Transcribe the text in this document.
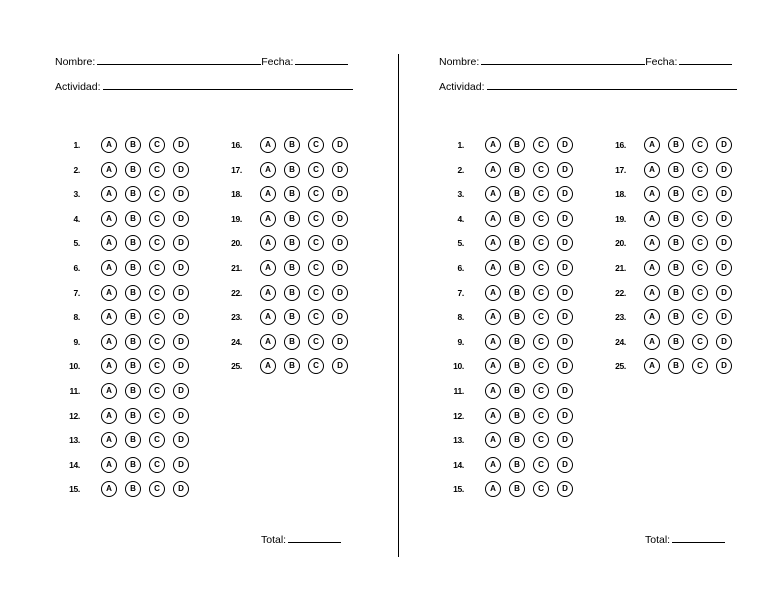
Nombre:	Fecha:
Actividad:
1.	A	B	C	D
2.	A	B	C	D
3.	A	B	C	D
4.	A	B	C	D
5.	A	B	C	D
6.	A	B	C	D
7.	A	B	C	D
8.	A	B	C	D
9.	A	B	C	D
10.	A	B	C	D
11.	A	B	C	D
12.	A	B	C	D
13.	A	B	C	D
14.	A	B	C	D
15.	A	B	C	D
16.	A	B	C	D
17.	A	B	C	D
18.	A	B	C	D
19.	A	B	C	D
20.	A	B	C	D
21.	A	B	C	D
22.	A	B	C	D
23.	A	B	C	D
24.	A	B	C	D
25.	A	B	C	D
Total:
Nombre:	Fecha:
Actividad:
1.	A	B	C	D
2.	A	B	C	D
3.	A	B	C	D
4.	A	B	C	D
5.	A	B	C	D
6.	A	B	C	D
7.	A	B	C	D
8.	A	B	C	D
9.	A	B	C	D
10.	A	B	C	D
11.	A	B	C	D
12.	A	B	C	D
13.	A	B	C	D
14.	A	B	C	D
15.	A	B	C	D
16.	A	B	C	D
17.	A	B	C	D
18.	A	B	C	D
19.	A	B	C	D
20.	A	B	C	D
21.	A	B	C	D
22.	A	B	C	D
23.	A	B	C	D
24.	A	B	C	D
25.	A	B	C	D
Total:
